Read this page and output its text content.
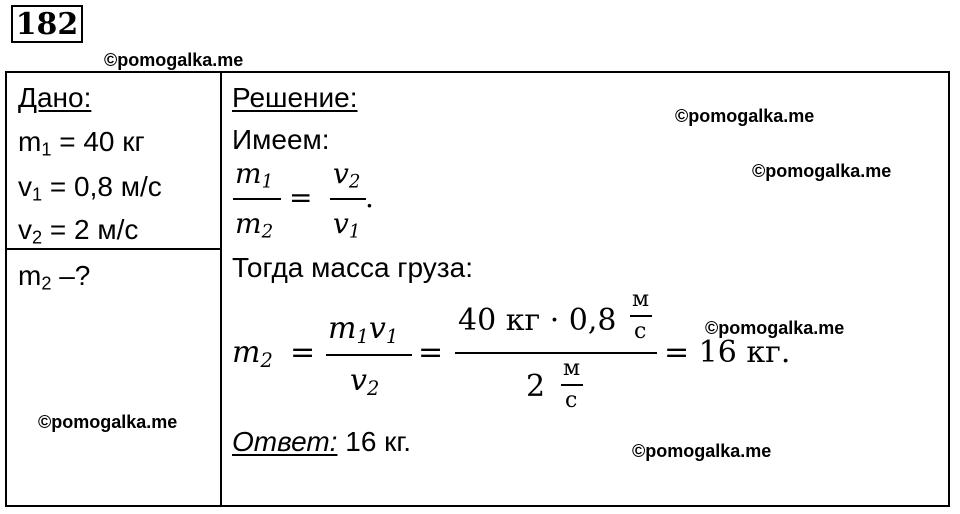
182
©pomogalka.me
©pomogalka.me
©pomogalka.me
©pomogalka.me
©pomogalka.me
©pomogalka.me
Дано:
$m_1 = 40$ кг
$v_1 = 0,8$ м/с
$v_2 = 2$ м/с
$m_2$ –?
Решение:
Имеем:
$m_1$
$m_2$
=
$v_2$
$v_1$
.
Тогда масса груза:
$m_2$ =
$m_1v_1$
$v_2$
=
40 кг · 0,8
м
с
2
м
с
= 16 кг.
Ответ: 16 кг.
